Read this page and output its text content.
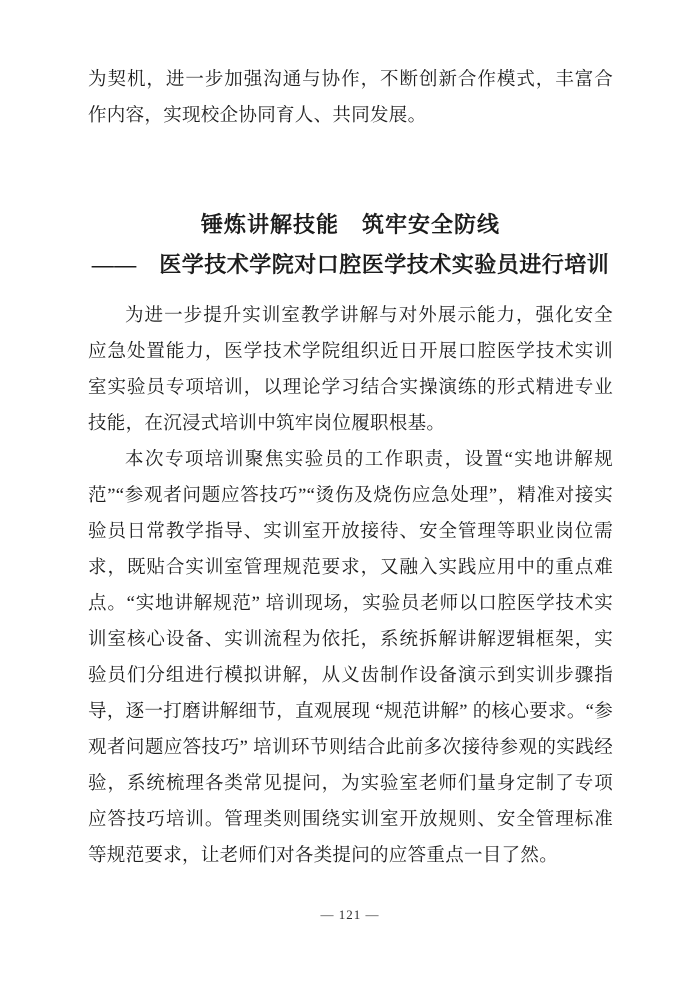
为契机，进一步加强沟通与协作，不断创新合作模式，丰富合作内容，实现校企协同育人、共同发展。

锤炼讲解技能　筑牢安全防线
——　医学技术学院对口腔医学技术实验员进行培训

为进一步提升实训室教学讲解与对外展示能力，强化安全应急处置能力，医学技术学院组织近日开展口腔医学技术实训室实验员专项培训，以理论学习结合实操演练的形式精进专业技能，在沉浸式培训中筑牢岗位履职根基。

本次专项培训聚焦实验员的工作职责，设置“实地讲解规范”“参观者问题应答技巧”“烫伤及烧伤应急处理”，精准对接实验员日常教学指导、实训室开放接待、安全管理等职业岗位需求，既贴合实训室管理规范要求，又融入实践应用中的重点难点。“实地讲解规范” 培训现场，实验员老师以口腔医学技术实训室核心设备、实训流程为依托，系统拆解讲解逻辑框架，实验员们分组进行模拟讲解，从义齿制作设备演示到实训步骤指导，逐一打磨讲解细节，直观展现 “规范讲解” 的核心要求。“参观者问题应答技巧” 培训环节则结合此前多次接待参观的实践经验，系统梳理各类常见提问，为实验室老师们量身定制了专项应答技巧培训。管理类则围绕实训室开放规则、安全管理标准等规范要求，让老师们对各类提问的应答重点一目了然。

— 121 —
